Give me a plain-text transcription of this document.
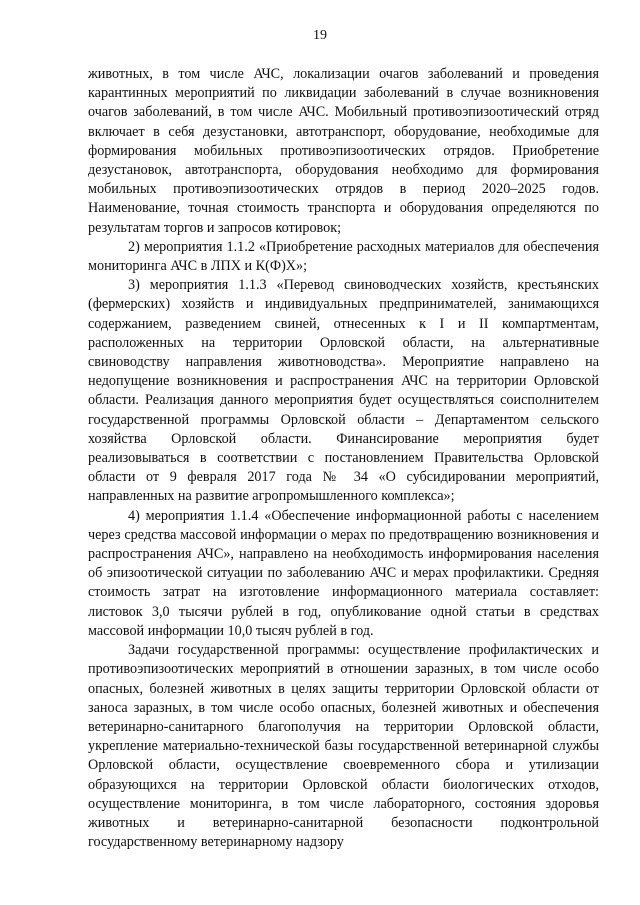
19

животных, в том числе АЧС, локализации очагов заболеваний и проведения карантинных мероприятий по ликвидации заболеваний в случае возникновения очагов заболеваний, в том числе АЧС. Мобильный противоэпизоотический отряд включает в себя дезустановки, автотранспорт, оборудование, необходимые для формирования мобильных противоэпизоотических отрядов. Приобретение дезустановок, автотранспорта, оборудования необходимо для формирования мобильных противоэпизоотических отрядов в период 2020–2025 годов. Наименование, точная стоимость транспорта и оборудования определяются по результатам торгов и запросов котировок;

2) мероприятия 1.1.2 «Приобретение расходных материалов для обеспечения мониторинга АЧС в ЛПХ и К(Ф)Х»;

3) мероприятия 1.1.3 «Перевод свиноводческих хозяйств, крестьянских (фермерских) хозяйств и индивидуальных предпринимателей, занимающихся содержанием, разведением свиней, отнесенных к I и II компартментам, расположенных на территории Орловской области, на альтернативные свиноводству направления животноводства». Мероприятие направлено на недопущение возникновения и распространения АЧС на территории Орловской области. Реализация данного мероприятия будет осуществляться соисполнителем государственной программы Орловской области – Департаментом сельского хозяйства Орловской области. Финансирование мероприятия будет реализовываться в соответствии с постановлением Правительства Орловской области от 9 февраля 2017 года № 34 «О субсидировании мероприятий, направленных на развитие агропромышленного комплекса»;

4) мероприятия 1.1.4 «Обеспечение информационной работы с населением через средства массовой информации о мерах по предотвращению возникновения и распространения АЧС», направлено на необходимость информирования населения об эпизоотической ситуации по заболеванию АЧС и мерах профилактики. Средняя стоимость затрат на изготовление информационного материала составляет: листовок 3,0 тысячи рублей в год, опубликование одной статьи в средствах массовой информации 10,0 тысяч рублей в год.

Задачи государственной программы: осуществление профилактических и противоэпизоотических мероприятий в отношении заразных, в том числе особо опасных, болезней животных в целях защиты территории Орловской области от заноса заразных, в том числе особо опасных, болезней животных и обеспечения ветеринарно-санитарного благополучия на территории Орловской области, укрепление материально-технической базы государственной ветеринарной службы Орловской области, осуществление своевременного сбора и утилизации образующихся на территории Орловской области биологических отходов, осуществление мониторинга, в том числе лабораторного, состояния здоровья животных и ветеринарно-санитарной безопасности подконтрольной государственному ветеринарному надзору
